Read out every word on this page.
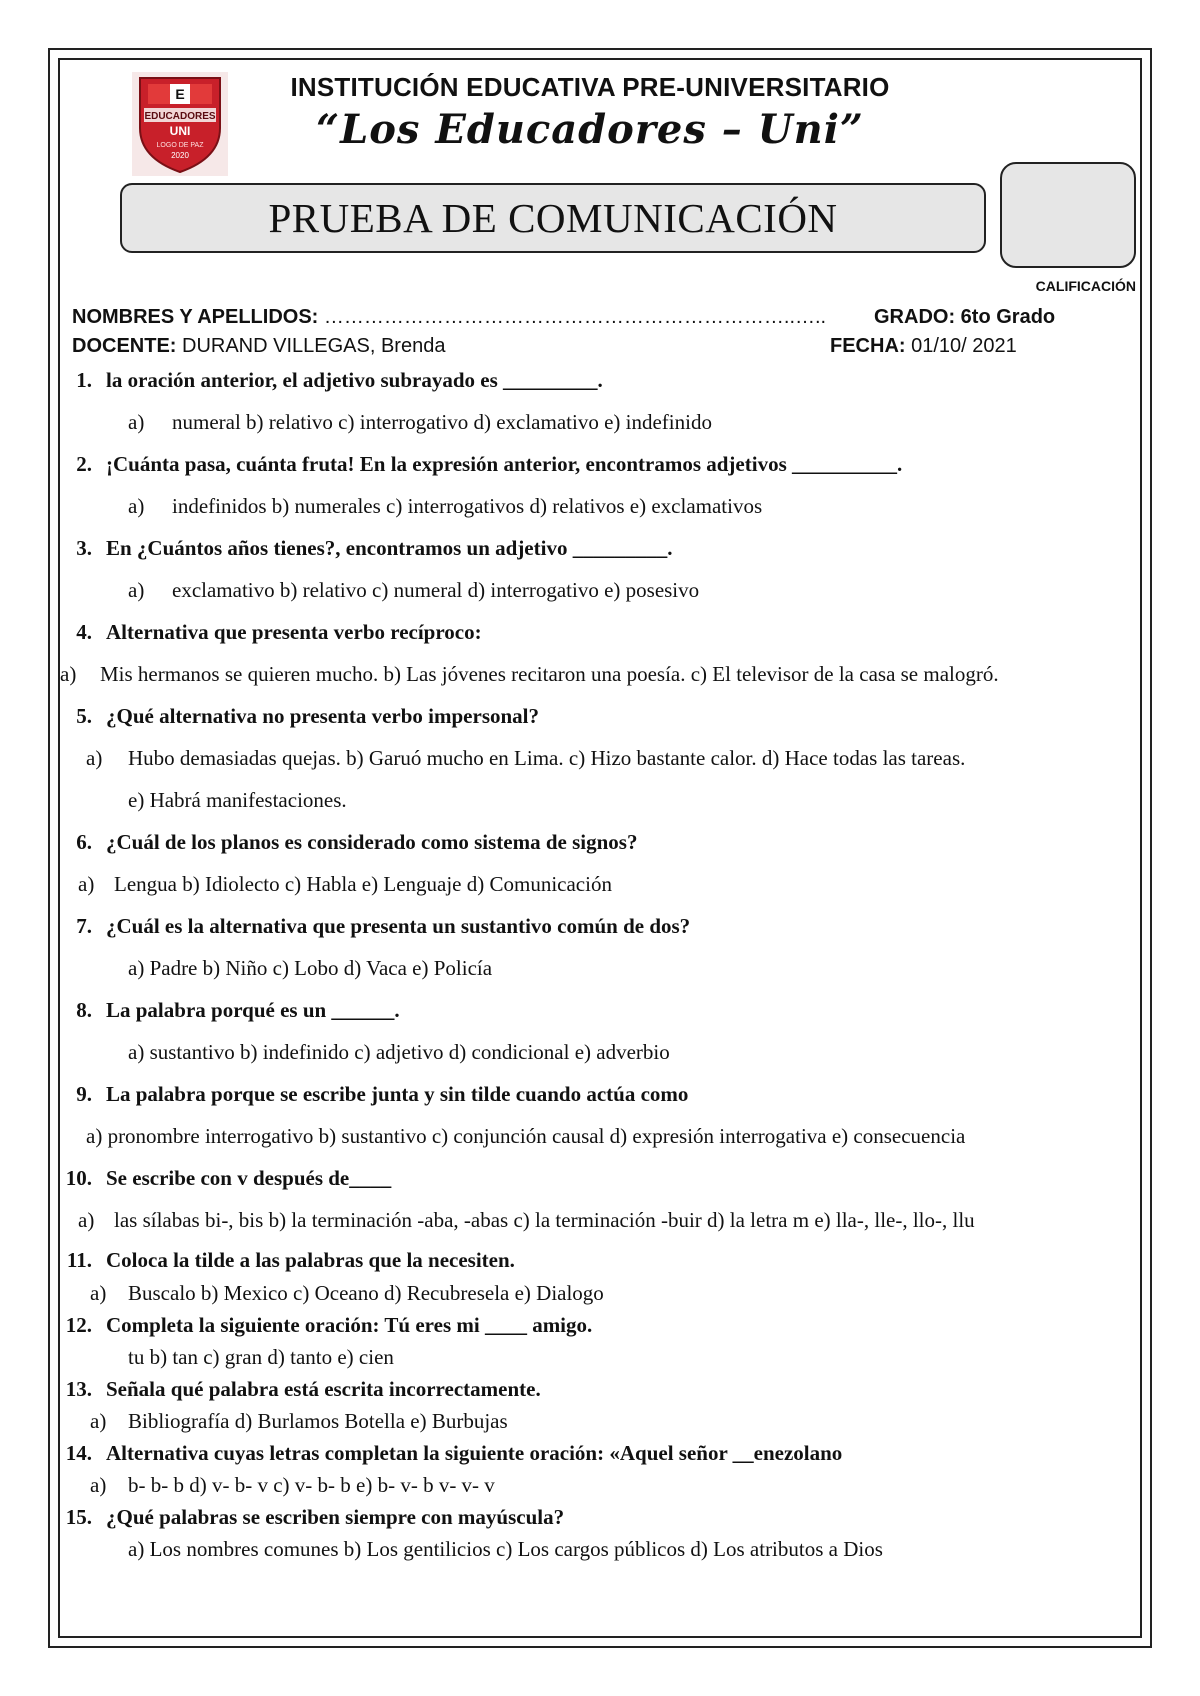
E
EDUCADORES
UNI
LOGO DE PAZ
2020
INSTITUCIÓN EDUCATIVA PRE-UNIVERSITARIO
“Los Educadores – Uni”
PRUEBA DE COMUNICACIÓN
CALIFICACIÓN
NOMBRES Y APELLIDOS: ……………………………………………………………..….. GRADO: 6to Grado
DOCENTE: DURAND VILLEGAS, Brenda	FECHA: 01/10/ 2021
1. la oración anterior, el adjetivo subrayado es _________.
a) numeral b) relativo c) interrogativo d) exclamativo e) indefinido
2. ¡Cuánta pasa, cuánta fruta! En la expresión anterior, encontramos adjetivos __________.
a) indefinidos b) numerales c) interrogativos d) relativos e) exclamativos
3. En ¿Cuántos años tienes?, encontramos un adjetivo _________.
a) exclamativo b) relativo c) numeral d) interrogativo e) posesivo
4. Alternativa que presenta verbo recíproco:
a) Mis hermanos se quieren mucho. b) Las jóvenes recitaron una poesía. c) El televisor de la casa se malogró.
5. ¿Qué alternativa no presenta verbo impersonal?
a) Hubo demasiadas quejas. b) Garuó mucho en Lima. c) Hizo bastante calor. d) Hace todas las tareas.
e) Habrá manifestaciones.
6. ¿Cuál de los planos es considerado como sistema de signos?
a) Lengua b) Idiolecto c) Habla e) Lenguaje d) Comunicación
7. ¿Cuál es la alternativa que presenta un sustantivo común de dos?
a) Padre b) Niño c) Lobo d) Vaca e) Policía
8. La palabra porqué es un ______.
a) sustantivo b) indefinido c) adjetivo d) condicional e) adverbio
9. La palabra porque se escribe junta y sin tilde cuando actúa como
a) pronombre interrogativo b) sustantivo c) conjunción causal d) expresión interrogativa e) consecuencia
10. Se escribe con v después de____
a) las sílabas bi-, bis b) la terminación -aba, -abas c) la terminación -buir d) la letra m e) lla-, lle-, llo-, llu
11. Coloca la tilde a las palabras que la necesiten.
a) Buscalo b) Mexico c) Oceano d) Recubresela e) Dialogo
12. Completa la siguiente oración: Tú eres mi ____ amigo.
tu b) tan c) gran d) tanto e) cien
13. Señala qué palabra está escrita incorrectamente.
a) Bibliografía d) Burlamos Botella e) Burbujas
14. Alternativa cuyas letras completan la siguiente oración: «Aquel señor __enezolano
a) b- b- b d) v- b- v c) v- b- b e) b- v- b v- v- v
15. ¿Qué palabras se escriben siempre con mayúscula?
a) Los nombres comunes b) Los gentilicios c) Los cargos públicos d) Los atributos a Dios
